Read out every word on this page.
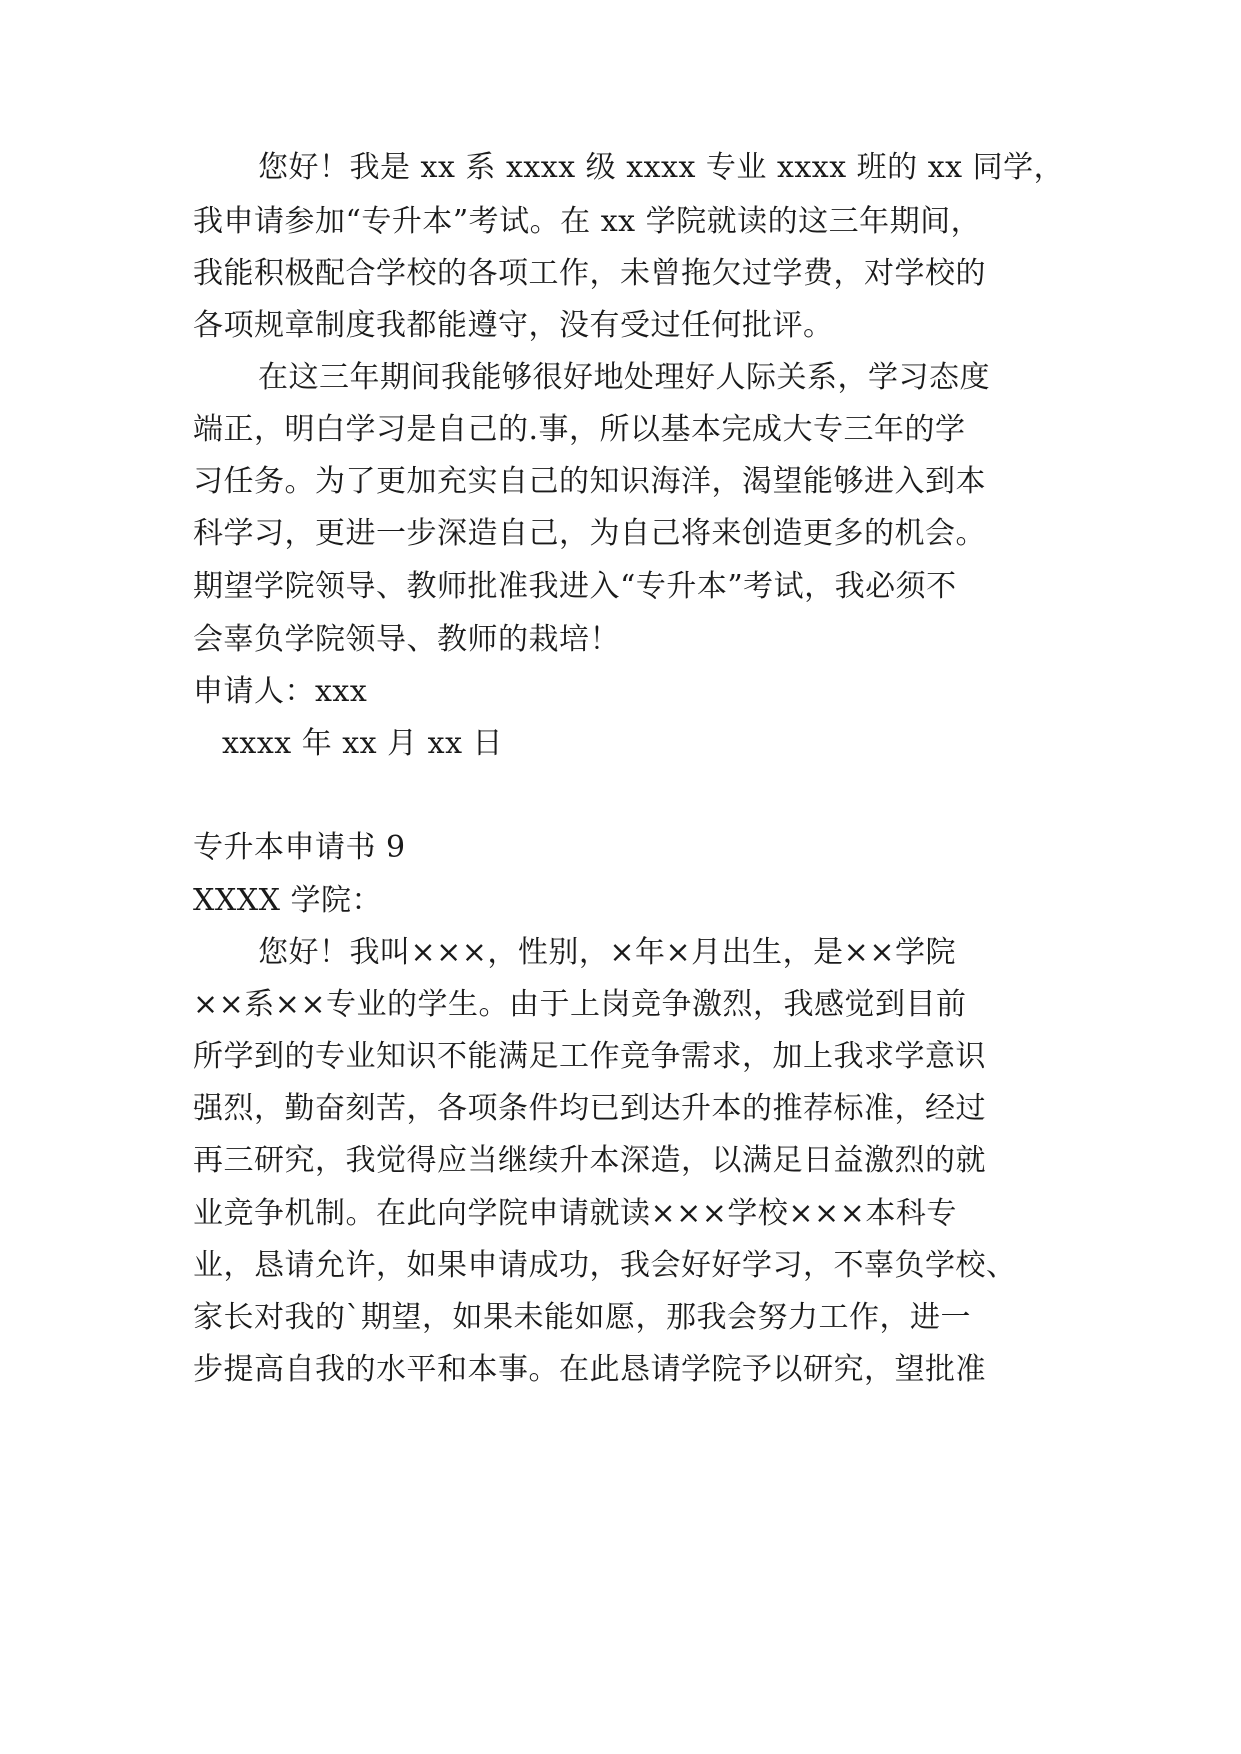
您好！我是 xx 系 xxxx 级 xxxx 专业 xxxx 班的 xx 同学，
我申请参加“专升本”考试。在 xx 学院就读的这三年期间，
我能积极配合学校的各项工作，未曾拖欠过学费，对学校的
各项规章制度我都能遵守，没有受过任何批评。
在这三年期间我能够很好地处理好人际关系，学习态度
端正，明白学习是自己的.事，所以基本完成大专三年的学
习任务。为了更加充实自己的知识海洋，渴望能够进入到本
科学习，更进一步深造自己，为自己将来创造更多的机会。
期望学院领导、教师批准我进入“专升本”考试，我必须不
会辜负学院领导、教师的栽培！
申请人：xxx
xxxx 年 xx 月 xx 日
专升本申请书 9
XXXX 学院：
您好！我叫×××，性别，×年×月出生，是××学院
××系××专业的学生。由于上岗竞争激烈，我感觉到目前
所学到的专业知识不能满足工作竞争需求，加上我求学意识
强烈，勤奋刻苦，各项条件均已到达升本的推荐标准，经过
再三研究，我觉得应当继续升本深造，以满足日益激烈的就
业竞争机制。在此向学院申请就读×××学校×××本科专
业，恳请允许，如果申请成功，我会好好学习，不辜负学校、
家长对我的`期望，如果未能如愿，那我会努力工作，进一
步提高自我的水平和本事。在此恳请学院予以研究，望批准
